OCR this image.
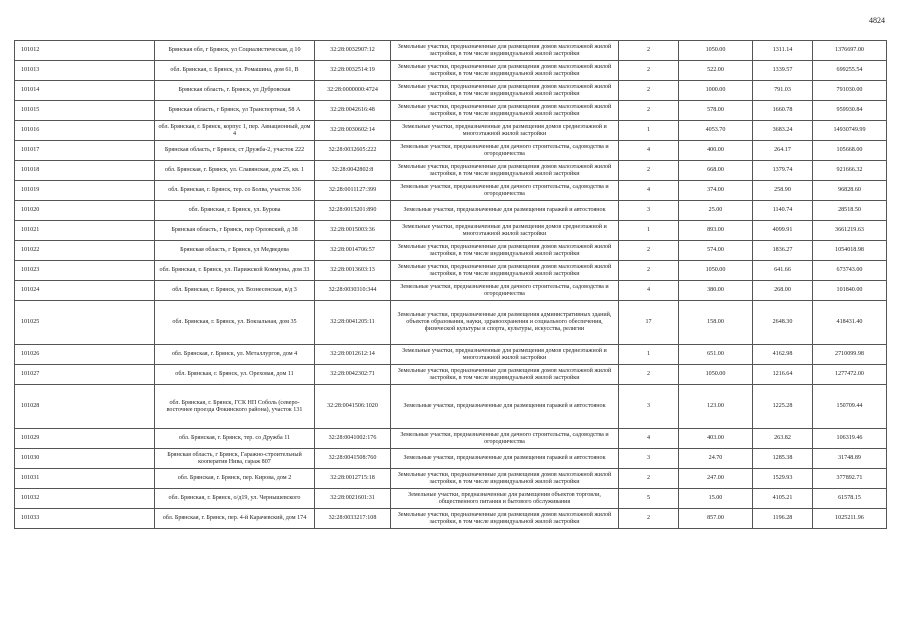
4824
101012	Брянская обл, г Брянск, ул Социалистическая, д 10	32:28:0032907:12	Земельные участки, предназначенные для размещения домов малоэтажной жилой застройки, в том числе индивидуальной жилой застройки	2	1050.00	1311.14	1376697.00
101013	обл. Брянская, г. Брянск, ул. Ромашина, дом 61, В	32:28:0032514:19	Земельные участки, предназначенные для размещения домов малоэтажной жилой застройки, в том числе индивидуальной жилой застройки	2	522.00	1339.57	699255.54
101014	Брянская область, г. Брянск, ул Дубровская	32:28:0000000:4724	Земельные участки, предназначенные для размещения домов малоэтажной жилой застройки, в том числе индивидуальной жилой застройки	2	1000.00	791.03	791030.00
101015	Брянская область, г Брянск, ул Транспортная, 58 А	32:28:0042616:48	Земельные участки, предназначенные для размещения домов малоэтажной жилой застройки, в том числе индивидуальной жилой застройки	2	578.00	1660.78	959930.84
101016	обл. Брянская, г. Брянск, корпус 1, пер. Авиационный, дом 4	32:28:0030602:14	Земельные участки, предназначенные для размещения домов среднеэтажной и многоэтажной жилой застройки	1	4053.70	3683.24	14930749.99
101017	Брянская область, г Брянск, ст Дружба-2, участок 222	32:28:0032605:222	Земельные участки, предназначенные для дачного строительства, садоводства и огородничества	4	400.00	264.17	105668.00
101018	обл. Брянская, г. Брянск, ул. Славянская, дом 25, кв. 1	32:28:0042802:8	Земельные участки, предназначенные для размещения домов малоэтажной жилой застройки, в том числе индивидуальной жилой застройки	2	668.00	1379.74	921666.32
101019	обл. Брянская, г. Брянск, тер. со Болва, участок 336	32:28:0011127:399	Земельные участки, предназначенные для дачного строительства, садоводства и огородничества	4	374.00	258.90	96828.60
101020	обл. Брянская, г. Брянск, ул. Бурова	32:28:0015201:890	Земельные участки, предназначенные для размещения гаражей и автостоянок	3	25.00	1140.74	28518.50
101021	Брянская область, г Брянск, пер Орловский, д 38	32:28:0015003:36	Земельные участки, предназначенные для размещения домов среднеэтажной и многоэтажной жилой застройки	1	893.00	4099.91	3661219.63
101022	Брянская область, г Брянск, ул Медведева	32:28:0014706:57	Земельные участки, предназначенные для размещения домов малоэтажной жилой застройки, в том числе индивидуальной жилой застройки	2	574.00	1836.27	1054018.98
101023	обл. Брянская, г. Брянск, ул. Парижской Коммуны, дом 33	32:28:0013603:13	Земельные участки, предназначенные для размещения домов малоэтажной жилой застройки, в том числе индивидуальной жилой застройки	2	1050.00	641.66	673743.00
101024	обл. Брянская, г. Брянск, ул. Вознесенская, в/д 3	32:28:0030310:344	Земельные участки, предназначенные для дачного строительства, садоводства и огородничества	4	380.00	268.00	101840.00
101025	обл. Брянская, г. Брянск, ул. Вокзальная, дом 35	32:28:0041205:11	Земельные участки, предназначенные для размещения административных зданий, объектов образования, науки, здравоохранения и социального обеспечения, физической культуры и спорта, культуры, искусства, религии	17	158.00	2648.30	418431.40
101026	обл. Брянская, г. Брянск, ул. Металлургов, дом 4	32:28:0012612:14	Земельные участки, предназначенные для размещения домов среднеэтажной и многоэтажной жилой застройки	1	651.00	4162.98	2710099.98
101027	обл. Брянская, г. Брянск, ул. Ореховая, дом 11	32:28:0042302:71	Земельные участки, предназначенные для размещения домов малоэтажной жилой застройки, в том числе индивидуальной жилой застройки	2	1050.00	1216.64	1277472.00
101028	обл. Брянская, г. Брянск, ГСК НП Соболь (северо-восточнее проезда Фокинского района), участок 131	32:28:0041506:1020	Земельные участки, предназначенные для размещения гаражей и автостоянок	3	123.00	1225.28	150709.44
101029	обл. Брянская, г. Брянск, тер. со Дружба 11	32:28:0041002:176	Земельные участки, предназначенные для дачного строительства, садоводства и огородничества	4	403.00	263.82	106319.46
101030	Брянская область, г Брянск, Гаражно-строительный кооператив Нива, гараж 807	32:28:0041508:760	Земельные участки, предназначенные для размещения гаражей и автостоянок	3	24.70	1285.38	31748.89
101031	обл. Брянская, г. Брянск, пер. Кирова, дом 2	32:28:0012715:18	Земельные участки, предназначенные для размещения домов малоэтажной жилой застройки, в том числе индивидуальной жилой застройки	2	247.00	1529.93	377892.71
101032	обл. Брянская, г. Брянск, о/д19, ул. Чернышевского	32:28:0021601:31	Земельные участки, предназначенные для размещения объектов торговли, общественного питания и бытового обслуживания	5	15.00	4105.21	61578.15
101033	обл. Брянская, г. Брянск, пер. 4-й Карачевский, дом 174	32:28:0033217:108	Земельные участки, предназначенные для размещения домов малоэтажной жилой застройки, в том числе индивидуальной жилой застройки	2	857.00	1196.28	1025211.96
